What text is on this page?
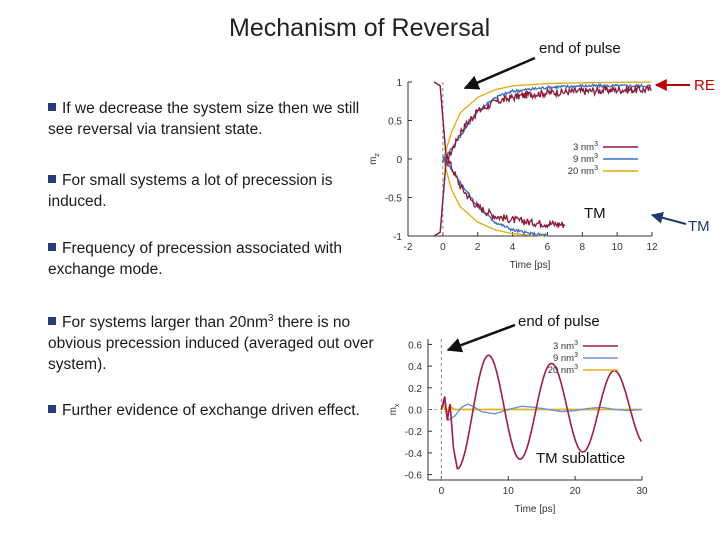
Mechanism of Reversal
If we decrease the system size then we still see reversal via transient state.
For small systems a lot of precession is induced.
Frequency of precession associated with exchange mode.
For systems larger than $20nm^3$ there is no obvious precession induced (averaged out over system).
Further evidence of exchange driven effect.
end of pulse
RE
TM
TM
end of pulse
TM sublattice
-1
-0.5
0
0.5
1
-2	0	2	4	6	8	10 12
Time [ps]
$m_z$
3 $nm^3$
9 $nm^3$
20 $nm^3$
-0.6
-0.4
-0.2
0.0
0.2
0.4
0.6
0	10	20	30
Time [ps]
$m_x$
3 $nm^3$
9 $nm^3$
20 $nm^3$
